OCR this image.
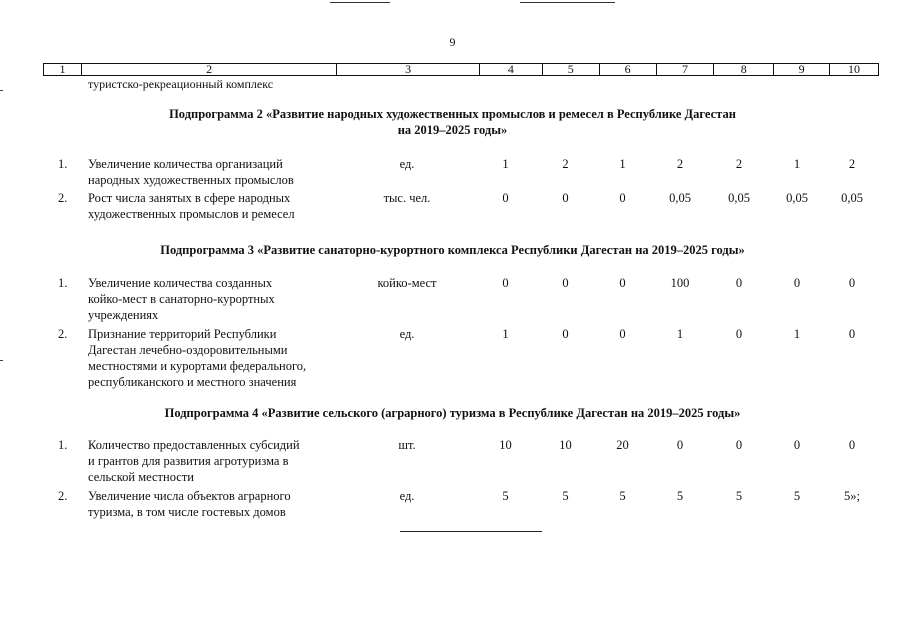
9
1	2	3	4	5	6	7	8	9	10
туристско-рекреационный комплекс
Подпрограмма 2 «Развитие народных художественных промыслов и ремесел в Республике Дагестан
на 2019–2025 годы»
1. Увеличение количества организаций
народных художественных промыслов
ед.	1	2	1	2	2	1	2
2. Рост числа занятых в сфере народных
художественных промыслов и ремесел
тыс. чел.	0	0	0	0,05	0,05	0,05	0,05
Подпрограмма 3 «Развитие санаторно-курортного комплекса Республики Дагестан на 2019–2025 годы»
1. Увеличение количества созданных
койко-мест в санаторно-курортных
учреждениях
койко-мест	0	0	0	100	0	0	0
2. Признание территорий Республики
Дагестан лечебно-оздоровительными
местностями и курортами федерального,
республиканского и местного значения
ед.	1	0	0	1	0	1	0
Подпрограмма 4 «Развитие сельского (аграрного) туризма в Республике Дагестан на 2019–2025 годы»
1. Количество предоставленных субсидий
и грантов для развития агротуризма в
сельской местности
шт.	10	10	20	0	0	0	0
2. Увеличение числа объектов аграрного
туризма, в том числе гостевых домов
ед.	5	5	5	5	5	5	5»;
